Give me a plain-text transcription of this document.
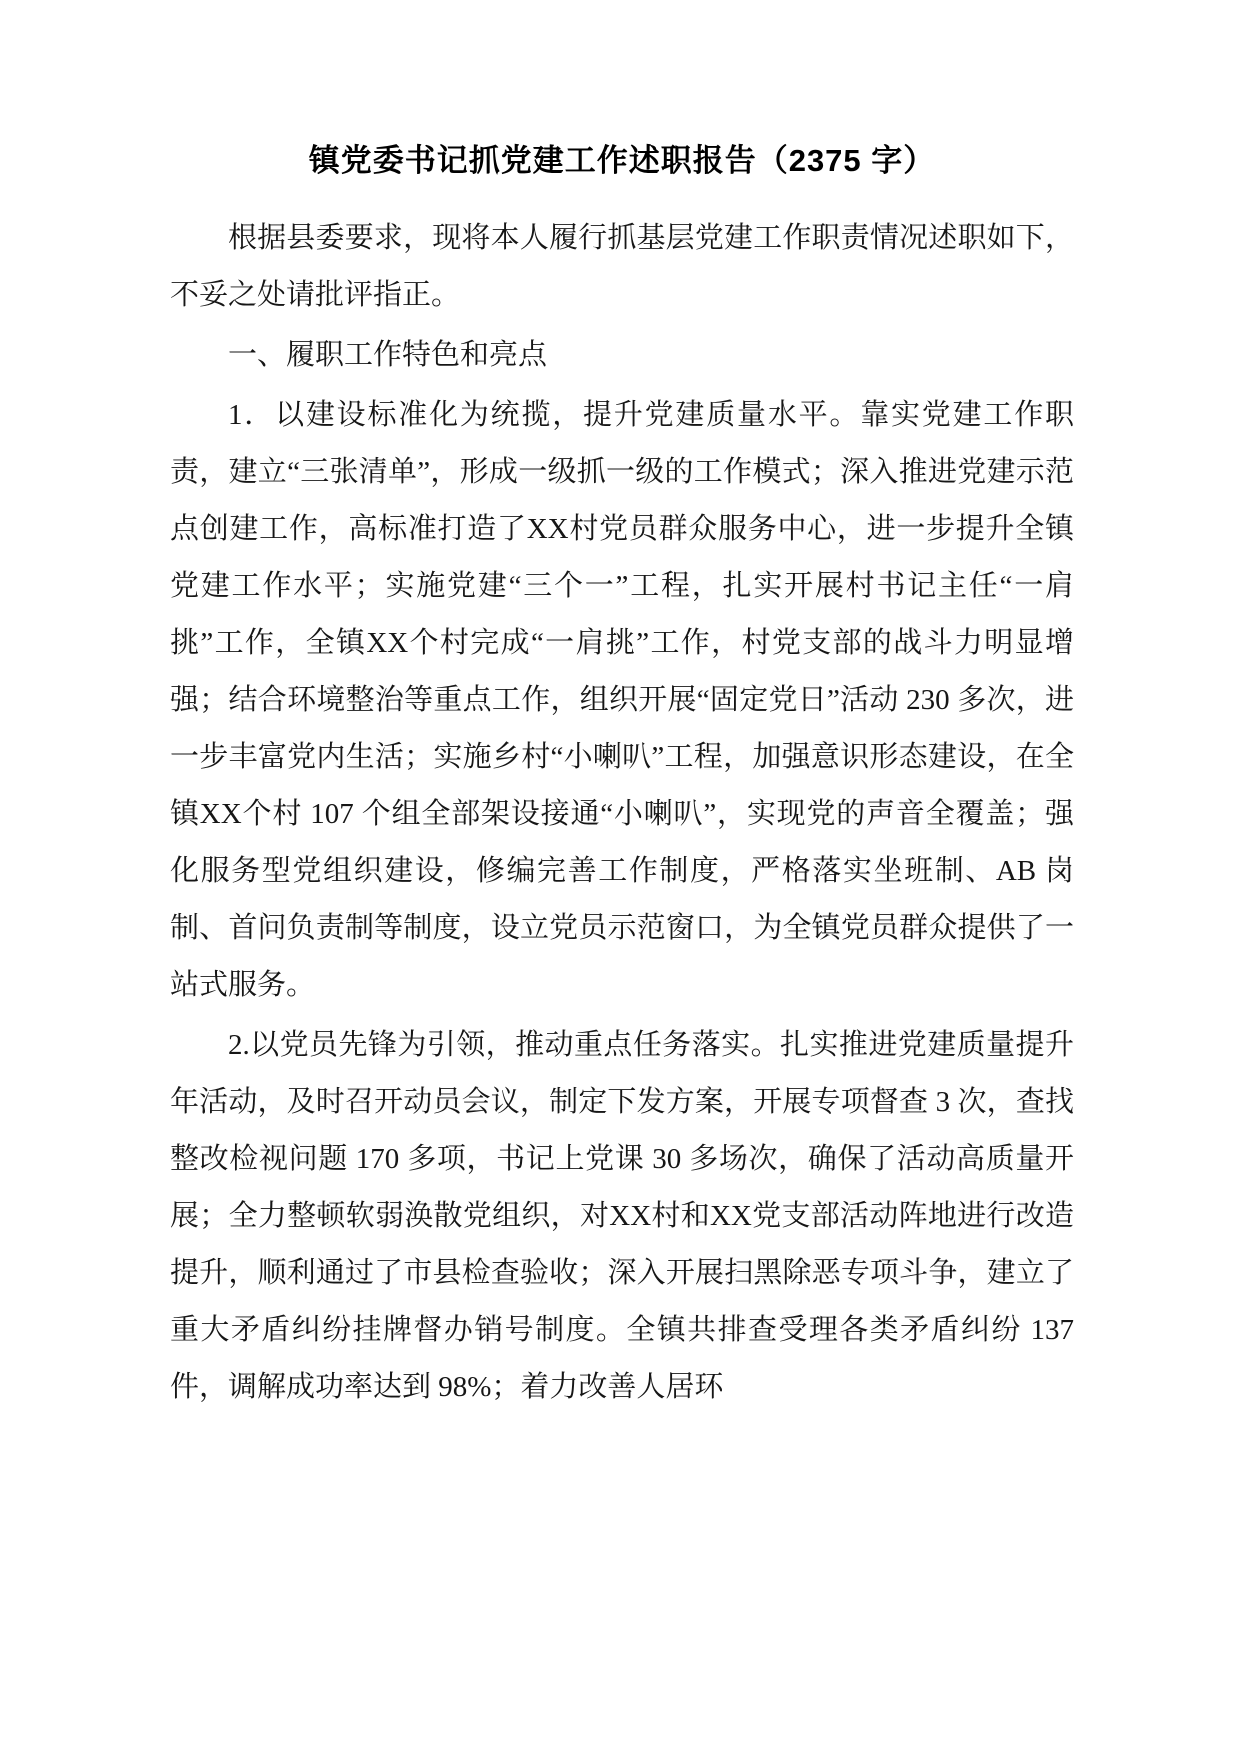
镇党委书记抓党建工作述职报告（2375 字）

根据县委要求，现将本人履行抓基层党建工作职责情况述职如下，不妥之处请批评指正。

一、履职工作特色和亮点

1．以建设标准化为统揽，提升党建质量水平。靠实党建工作职责，建立“三张清单”，形成一级抓一级的工作模式；深入推进党建示范点创建工作，高标准打造了XX村党员群众服务中心，进一步提升全镇党建工作水平；实施党建“三个一”工程，扎实开展村书记主任“一肩挑”工作，全镇XX个村完成“一肩挑”工作，村党支部的战斗力明显增强；结合环境整治等重点工作，组织开展“固定党日”活动 230 多次，进一步丰富党内生活；实施乡村“小喇叭”工程，加强意识形态建设，在全镇XX个村 107 个组全部架设接通“小喇叭”，实现党的声音全覆盖；强化服务型党组织建设，修编完善工作制度，严格落实坐班制、AB 岗制、首问负责制等制度，设立党员示范窗口，为全镇党员群众提供了一站式服务。

2.以党员先锋为引领，推动重点任务落实。扎实推进党建质量提升年活动，及时召开动员会议，制定下发方案，开展专项督查 3 次，查找整改检视问题 170 多项，书记上党课 30 多场次，确保了活动高质量开展；全力整顿软弱涣散党组织，对XX村和XX党支部活动阵地进行改造提升，顺利通过了市县检查验收；深入开展扫黑除恶专项斗争，建立了重大矛盾纠纷挂牌督办销号制度。全镇共排查受理各类矛盾纠纷 137 件，调解成功率达到 98%；着力改善人居环
